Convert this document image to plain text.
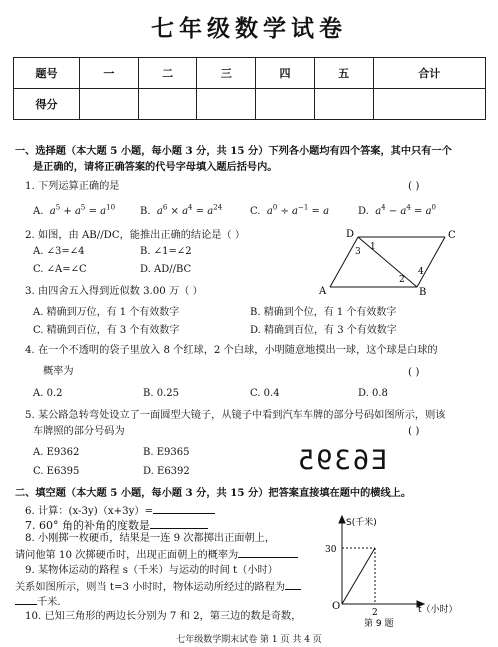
七年级数学试卷
题号	一	二	三	四	五	合计
得分						
一、选择题（本大题 5 小题，每小题 3 分，共 15 分）下列各小题均有四个答案，其中只有一个
是正确的，请将正确答案的代号字母填入题后括号内。
1. 下列运算正确的是	( )
A. $a^5 + a^5 = a^{10}$ B. $a^6 \times a^4 = a^{24}$	C. $a^0 \div a^{-1} = a$	D. $a^4 - a^4 = a^0$
2. 如图，由 AB//DC，能推出正确的结论是（ ）
A. ∠3=∠4	B. ∠1=∠2
C. ∠A=∠C	D. AD//BC
D	C
A	B
1
2
3
4
3. 由四舍五入得到近似数 3.00 万（ ）
A. 精确到万位，有 1 个有效数字	B. 精确到个位，有 1 个有效数字
C. 精确到百位，有 3 个有效数字	D. 精确到百位，有 3 个有效数字
4. 在一个不透明的袋子里放入 8 个红球，2 个白球，小明随意地摸出一球，这个球是白球的
概率为	( )
A. 0.2	B. 0.25	C. 0.4	D. 0.8
5. 某公路急转弯处设立了一面圆型大镜子，从镜子中看到汽车车牌的部分号码如图所示，则该
车牌照的部分号码为	( )
A. E9362	B. E9365
C. E6395	D. E6392	E6395
二、填空题（本大题 5 小题，每小题 3 分，共 15 分）把答案直接填在题中的横线上。
6. 计算：(x-3y)（x+3y）=
7. 60° 角的补角的度数是
8. 小刚掷一枚硬币，结果是一连 9 次都掷出正面朝上，
请问他第 10 次掷硬币时，出现正面朝上的概率为
9. 某物体运动的路程 s（千米）与运动的时间 t（小时）
关系如图所示，则当 t=3 小时时，物体运动所经过的路程为
千米.
S(千米)
30
2
O	t（小时）
第 9 题
10. 已知三角形的两边长分别为 7 和 2，第三边的数是奇数，
七年级数学期末试卷 第 1 页 共 4 页
